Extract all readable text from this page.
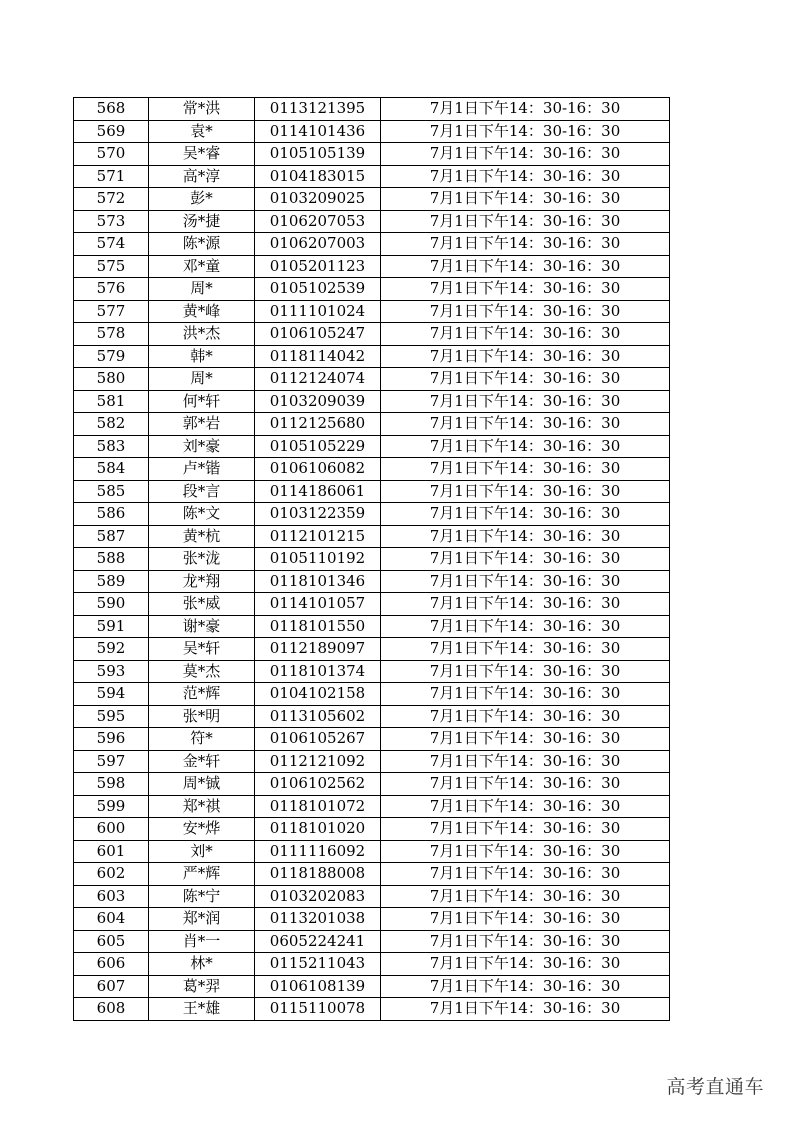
568	常*洪	0113121395	7月1日下午14：30-16：30
569	袁*	0114101436	7月1日下午14：30-16：30
570	吴*睿	0105105139	7月1日下午14：30-16：30
571	高*淳	0104183015	7月1日下午14：30-16：30
572	彭*	0103209025	7月1日下午14：30-16：30
573	汤*捷	0106207053	7月1日下午14：30-16：30
574	陈*源	0106207003	7月1日下午14：30-16：30
575	邓*童	0105201123	7月1日下午14：30-16：30
576	周*	0105102539	7月1日下午14：30-16：30
577	黄*峰	0111101024	7月1日下午14：30-16：30
578	洪*杰	0106105247	7月1日下午14：30-16：30
579	韩*	0118114042	7月1日下午14：30-16：30
580	周*	0112124074	7月1日下午14：30-16：30
581	何*轩	0103209039	7月1日下午14：30-16：30
582	郭*岩	0112125680	7月1日下午14：30-16：30
583	刘*豪	0105105229	7月1日下午14：30-16：30
584	卢*锴	0106106082	7月1日下午14：30-16：30
585	段*言	0114186061	7月1日下午14：30-16：30
586	陈*文	0103122359	7月1日下午14：30-16：30
587	黄*杭	0112101215	7月1日下午14：30-16：30
588	张*泷	0105110192	7月1日下午14：30-16：30
589	龙*翔	0118101346	7月1日下午14：30-16：30
590	张*威	0114101057	7月1日下午14：30-16：30
591	谢*豪	0118101550	7月1日下午14：30-16：30
592	吴*轩	0112189097	7月1日下午14：30-16：30
593	莫*杰	0118101374	7月1日下午14：30-16：30
594	范*辉	0104102158	7月1日下午14：30-16：30
595	张*明	0113105602	7月1日下午14：30-16：30
596	符*	0106105267	7月1日下午14：30-16：30
597	金*轩	0112121092	7月1日下午14：30-16：30
598	周*铖	0106102562	7月1日下午14：30-16：30
599	郑*祺	0118101072	7月1日下午14：30-16：30
600	安*烨	0118101020	7月1日下午14：30-16：30
601	刘*	0111116092	7月1日下午14：30-16：30
602	严*辉	0118188008	7月1日下午14：30-16：30
603	陈*宁	0103202083	7月1日下午14：30-16：30
604	郑*润	0113201038	7月1日下午14：30-16：30
605	肖*一	0605224241	7月1日下午14：30-16：30
606	林*	0115211043	7月1日下午14：30-16：30
607	葛*羿	0106108139	7月1日下午14：30-16：30
608	王*雄	0115110078	7月1日下午14：30-16：30
高考直通车
